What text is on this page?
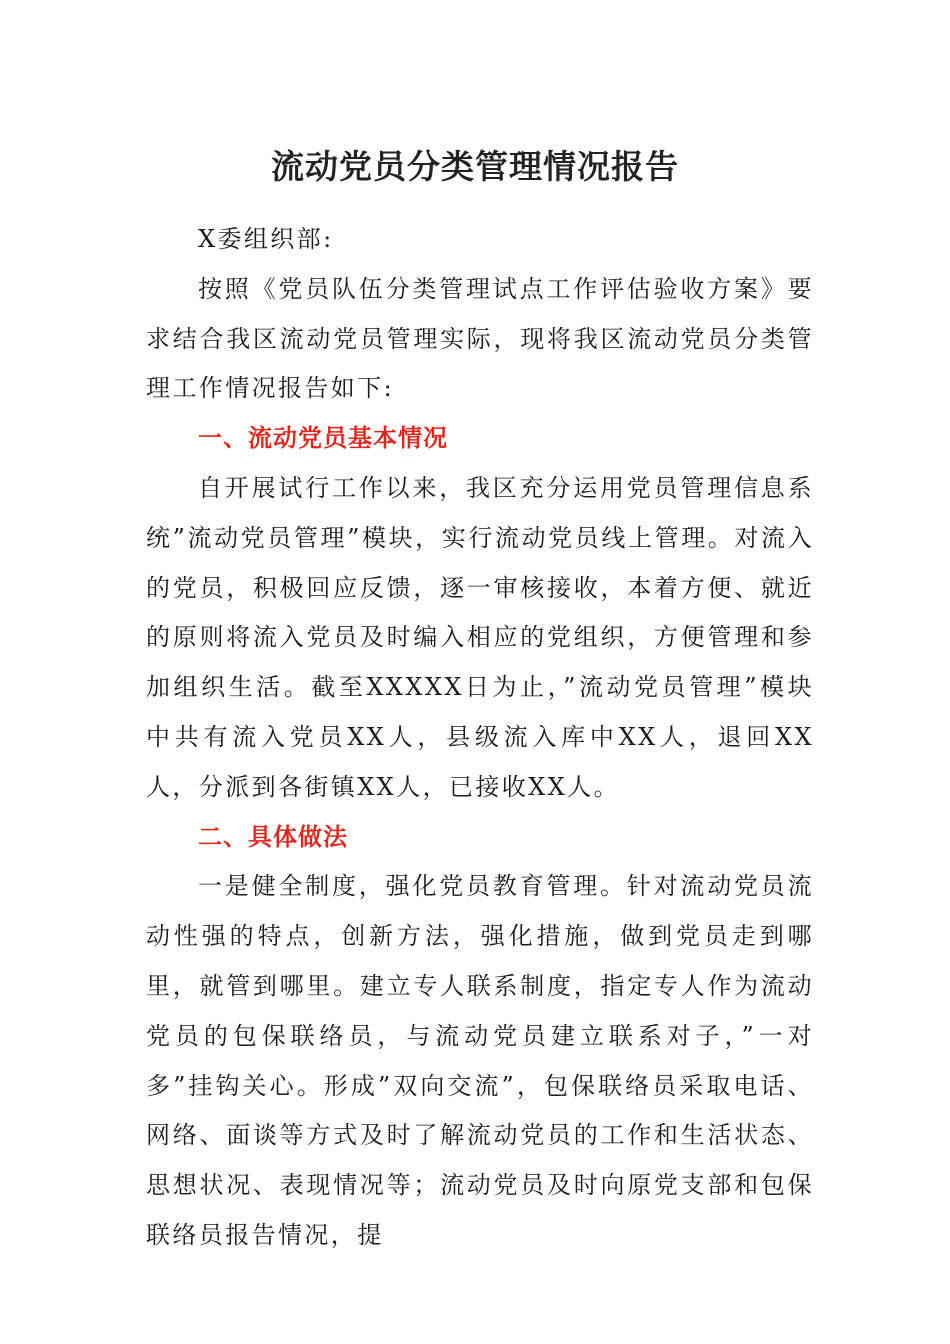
流动党员分类管理情况报告

X委组织部:

按照《党员队伍分类管理试点工作评估验收方案》要求结合我区流动党员管理实际，现将我区流动党员分类管理工作情况报告如下:

一、流动党员基本情况

自开展试行工作以来，我区充分运用党员管理信息系统”流动党员管理”模块，实行流动党员线上管理。对流入的党员，积极回应反馈，逐一审核接收，本着方便、就近的原则将流入党员及时编入相应的党组织，方便管理和参加组织生活。截至XXXXX日为止，”流动党员管理”模块中共有流入党员XX人，县级流入库中XX人，退回XX人，分派到各街镇XX人，已接收XX人。

二、具体做法

一是健全制度，强化党员教育管理。针对流动党员流动性强的特点，创新方法，强化措施，做到党员走到哪里，就管到哪里。建立专人联系制度，指定专人作为流动党员的包保联络员，与流动党员建立联系对子，”一对多”挂钩关心。形成”双向交流”，包保联络员采取电话、网络、面谈等方式及时了解流动党员的工作和生活状态、思想状况、表现情况等；流动党员及时向原党支部和包保联络员报告情况，提
